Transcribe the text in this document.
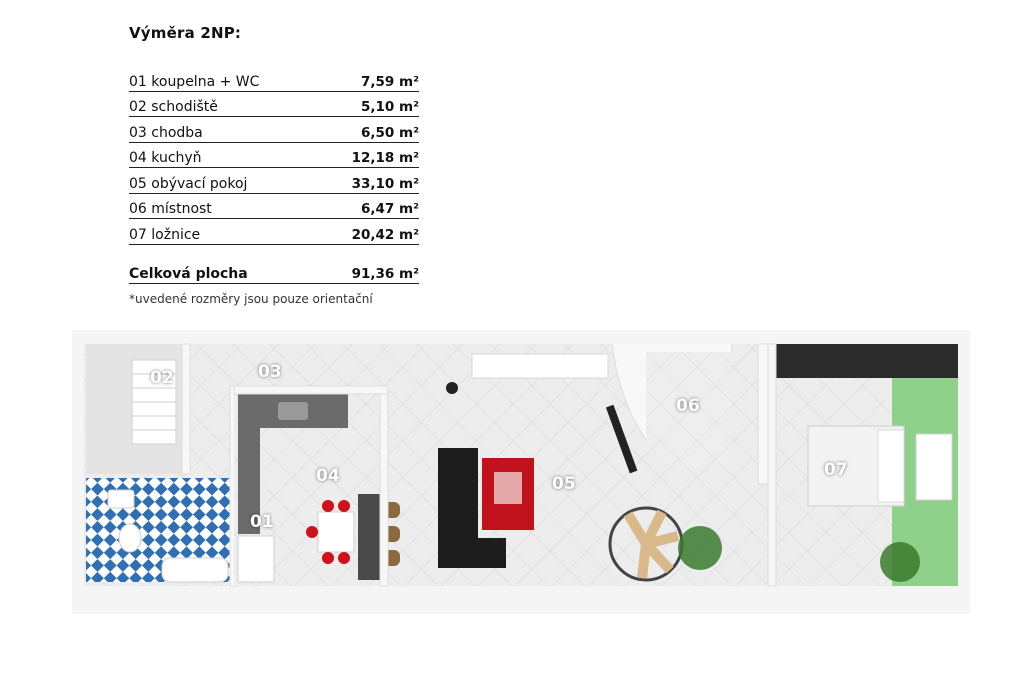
Výměra 2NP:
01 koupelna + WC	7,59 m²
02 schodiště	5,10 m²
03 chodba	6,50 m²
04 kuchyň	12,18 m²
05 obývací pokoj	33,10 m²
06 místnost	6,47 m²
07 ložnice	20,42 m²
Celková plocha	91,36 m²
*uvedené rozměry jsou pouze orientační
01
02	03
04	05
06
07
